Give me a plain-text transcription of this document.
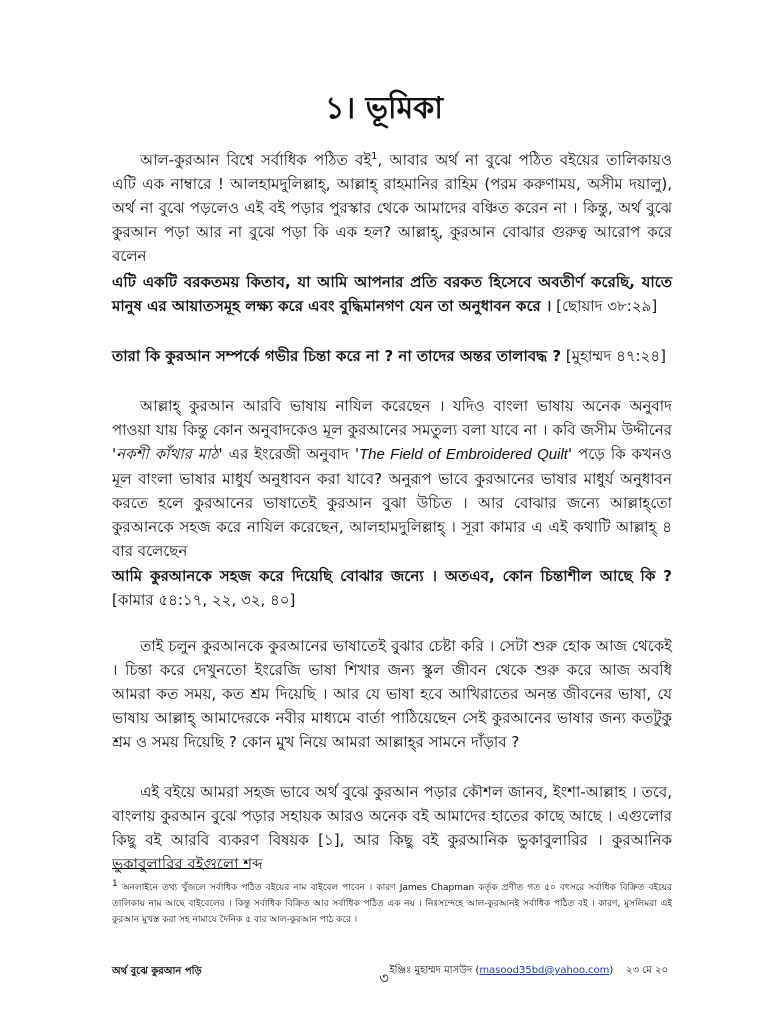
১। ভূমিকা

আল-কুরআন বিশ্বে সর্বাধিক পঠিত বই$^1$, আবার অর্থ না বুঝে পঠিত বইয়ের তালিকায়ও এটি এক নাম্বারে ! আলহামদুলিল্লাহ্, আল্লাহ্ রাহমানির রাহিম (পরম করুণাময়, অসীম দয়ালু), অর্থ না বুঝে পড়লেও এই বই পড়ার পুরস্কার থেকে আমাদের বঞ্চিত করেন না । কিন্তু, অর্থ বুঝে কুরআন পড়া আর না বুঝে পড়া কি এক হল? আল্লাহ্, কুরআন বোঝার গুরুত্ব আরোপ করে বলেন

এটি একটি বরকতময় কিতাব, যা আমি আপনার প্রতি বরকত হিসেবে অবতীর্ণ করেছি, যাতে মানুষ এর আয়াতসমূহ লক্ষ্য করে এবং বুদ্ধিমানগণ যেন তা অনুধাবন করে । [ছোয়াদ ৩৮:২৯]

তারা কি কুরআন সম্পর্কে গভীর চিন্তা করে না ? না তাদের অন্তর তালাবদ্ধ ? [মুহাম্মদ ৪৭:২৪]

আল্লাহ্ কুরআন আরবি ভাষায় নাযিল করেছেন । যদিও বাংলা ভাষায় অনেক অনুবাদ পাওয়া যায় কিন্তু কোন অনুবাদকেও মূল কুরআনের সমতুল্য বলা যাবে না । কবি জসীম উদ্দীনের 'নকশী কাঁথার মাঠ' এর ইংরেজী অনুবাদ 'The Field of Embroidered Quilt' পড়ে কি কখনও মূল বাংলা ভাষার মাধুর্য অনুধাবন করা যাবে? অনুরূপ ভাবে কুরআনের ভাষার মাধুর্য অনুধাবন করতে হলে কুরআনের ভাষাতেই কুরআন বুঝা উচিত । আর বোঝার জন্যে আল্লাহ্‌তো কুরআনকে সহজ করে নাযিল করেছেন, আলহামদুলিল্লাহ্ । সূরা কামার এ এই কথাটি আল্লাহ্ ৪ বার বলেছেন

আমি কুরআনকে সহজ করে দিয়েছি বোঝার জন্যে । অতএব, কোন চিন্তাশীল আছে কি ? [কামার ৫৪:১৭, ২২, ৩২, ৪০]

তাই চলুন কুরআনকে কুরআনের ভাষাতেই বুঝার চেষ্টা করি । সেটা শুরু হোক আজ থেকেই । চিন্তা করে দেখুনতো ইংরেজি ভাষা শিখার জন্য স্কুল জীবন থেকে শুরু করে আজ অবধি আমরা কত সময়, কত শ্রম দিয়েছি । আর যে ভাষা হবে আখিরাতের অনন্ত জীবনের ভাষা, যে ভাষায় আল্লাহ্ আমাদেরকে নবীর মাধ্যমে বার্তা পাঠিয়েছেন সেই কুরআনের ভাষার জন্য কতটুকু শ্রম ও সময় দিয়েছি ? কোন মুখ নিয়ে আমরা আল্লাহ্‌র সামনে দাঁড়াব ?

এই বইয়ে আমরা সহজ ভাবে অর্থ বুঝে কুরআন পড়ার কৌশল জানব, ইংশা-আল্লাহ । তবে, বাংলায় কুরআন বুঝে পড়ার সহায়ক আরও অনেক বই আমাদের হাতের কাছে আছে । এগুলোর কিছু বই আরবি ব্যকরণ বিষয়ক [১], আর কিছু বই কুরআনিক ভুকাবুলারির । কুরআনিক ভুকাবুলারির বইগুলো শব্দ

1 অনলাইনে তথ্য খুঁজলে সর্বাধিক পঠিত বইয়ের নাম বাইবেল পাবেন । কারণ James Chapman কর্তৃক প্রণীত গত ৫০ বৎসরে সর্বাধিক বিক্রিত বইয়ের তালিকায় নাম আছে বাইবেলের । কিন্তু সর্বাধিক বিক্রিত আর সর্বাধিক পঠিত এক নয় । নিঃসন্দেহে আল-কুরআনই সর্বাধিক পঠিত বই । কারণ, মুসলিমরা এই কুরআন মুখস্ত করা সহ নামাযে দৈনিক ৫ বার আল-কুরআন পাঠ করে ।

অর্থ বুঝে কুরআন পড়ি	৩ ইঞ্জিঃ মুহাম্মদ মাসউদ (masood35bd@yahoo.com)    ২৩ মে ২০
